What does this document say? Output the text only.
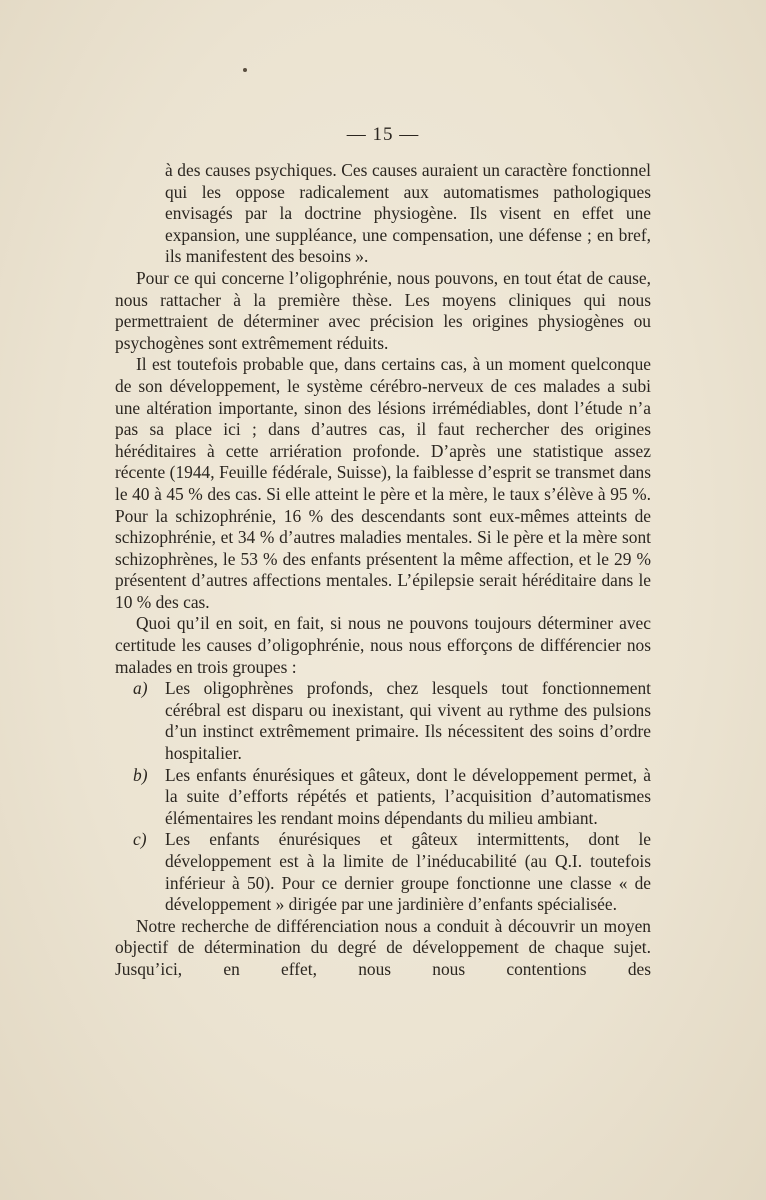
— 15 —

à des causes psychiques. Ces causes auraient un caractère fonctionnel qui les oppose radicalement aux automatismes pathologiques envisagés par la doctrine physiogène. Ils visent en effet une expansion, une suppléance, une compensation, une défense ; en bref, ils manifestent des besoins ».

Pour ce qui concerne l’oligophrénie, nous pouvons, en tout état de cause, nous rattacher à la première thèse. Les moyens cliniques qui nous permettraient de déterminer avec précision les origines physiogènes ou psychogènes sont extrêmement réduits.

Il est toutefois probable que, dans certains cas, à un moment quelconque de son développement, le système cérébro-nerveux de ces malades a subi une altération importante, sinon des lésions irrémédiables, dont l’étude n’a pas sa place ici ; dans d’autres cas, il faut rechercher des origines héréditaires à cette arriération profonde. D’après une statistique assez récente (1944, Feuille fédérale, Suisse), la faiblesse d’esprit se transmet dans le 40 à 45 % des cas. Si elle atteint le père et la mère, le taux s’élève à 95 %. Pour la schizophrénie, 16 % des descendants sont eux-mêmes atteints de schizophrénie, et 34 % d’autres maladies mentales. Si le père et la mère sont schizophrènes, le 53 % des enfants présentent la même affection, et le 29 % présentent d’autres affections mentales. L’épilepsie serait héréditaire dans le 10 % des cas.

Quoi qu’il en soit, en fait, si nous ne pouvons toujours déterminer avec certitude les causes d’oligophrénie, nous nous efforçons de différencier nos malades en trois groupes :

a) Les oligophrènes profonds, chez lesquels tout fonctionnement cérébral est disparu ou inexistant, qui vivent au rythme des pulsions d’un instinct extrêmement primaire. Ils nécessitent des soins d’ordre hospitalier.

b) Les enfants énurésiques et gâteux, dont le développement permet, à la suite d’efforts répétés et patients, l’acquisition d’automatismes élémentaires les rendant moins dépendants du milieu ambiant.

c) Les enfants énurésiques et gâteux intermittents, dont le développement est à la limite de l’inéducabilité (au Q.I. toutefois inférieur à 50). Pour ce dernier groupe fonctionne une classe « de développement » dirigée par une jardinière d’enfants spécialisée.

Notre recherche de différenciation nous a conduit à découvrir un moyen objectif de détermination du degré de développement de chaque sujet. Jusqu’ici, en effet, nous nous contentions des
